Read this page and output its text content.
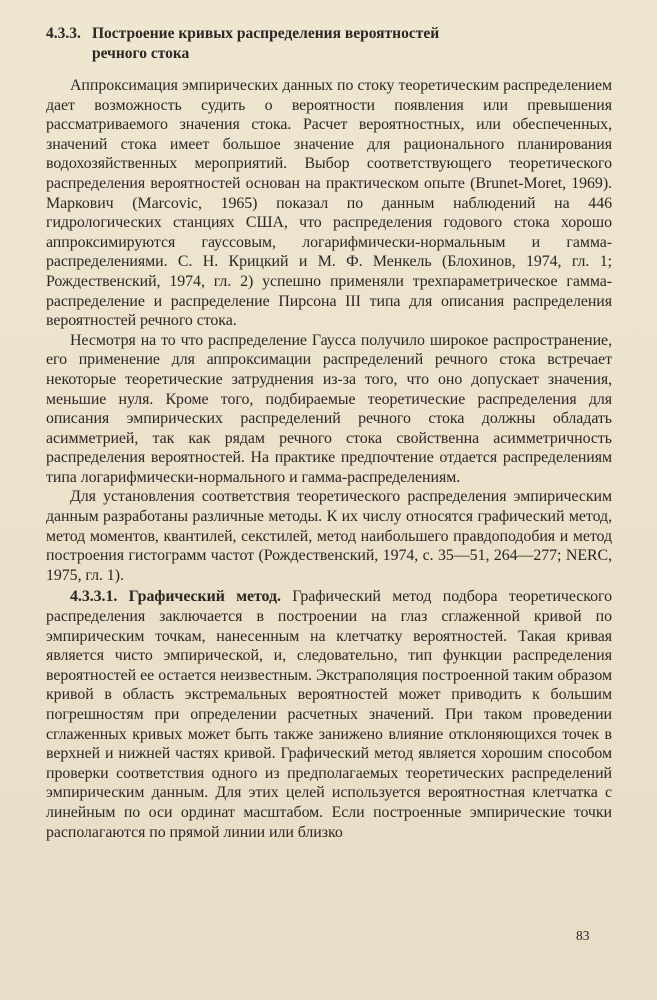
4.3.3. Построение кривых распределения вероятностей
речного стока

Аппроксимация эмпирических данных по стоку теоретическим распределением дает возможность судить о вероятности появления или превышения рассматриваемого значения стока. Расчет вероятностных, или обеспеченных, значений стока имеет большое значение для рационального планирования водохозяйственных мероприятий. Выбор соответствующего теоретического распределения вероятностей основан на практическом опыте (Brunet-Moret, 1969). Маркович (Marcovic, 1965) показал по данным наблюдений на 446 гидрологических станциях США, что распределения годового стока хорошо аппроксимируются гауссовым, логарифмически-нормальным и гамма-распределениями. С. Н. Крицкий и М. Ф. Менкель (Блохинов, 1974, гл. 1; Рождественский, 1974, гл. 2) успешно применяли трехпараметрическое гамма-распределение и распределение Пирсона III типа для описания распределения вероятностей речного стока.

Несмотря на то что распределение Гаусса получило широкое распространение, его применение для аппроксимации распределений речного стока встречает некоторые теоретические затруднения из-за того, что оно допускает значения, меньшие нуля. Кроме того, подбираемые теоретические распределения для описания эмпирических распределений речного стока должны обладать асимметрией, так как рядам речного стока свойственна асимметричность распределения вероятностей. На практике предпочтение отдается распределениям типа логарифмически-нормального и гамма-распределениям.

Для установления соответствия теоретического распределения эмпирическим данным разработаны различные методы. К их числу относятся графический метод, метод моментов, квантилей, секстилей, метод наибольшего правдоподобия и метод построения гистограмм частот (Рождественский, 1974, с. 35—51, 264—277; NERC, 1975, гл. 1).

4.3.3.1. Графический метод. Графический метод подбора теоретического распределения заключается в построении на глаз сглаженной кривой по эмпирическим точкам, нанесенным на клетчатку вероятностей. Такая кривая является чисто эмпирической, и, следовательно, тип функции распределения вероятностей ее остается неизвестным. Экстраполяция построенной таким образом кривой в область экстремальных вероятностей может приводить к большим погрешностям при определении расчетных значений. При таком проведении сглаженных кривых может быть также занижено влияние отклоняющихся точек в верхней и нижней частях кривой. Графический метод является хорошим способом проверки соответствия одного из предполагаемых теоретических распределений эмпирическим данным. Для этих целей используется вероятностная клетчатка с линейным по оси ординат масштабом. Если построенные эмпирические точки располагаются по прямой линии или близко

83
